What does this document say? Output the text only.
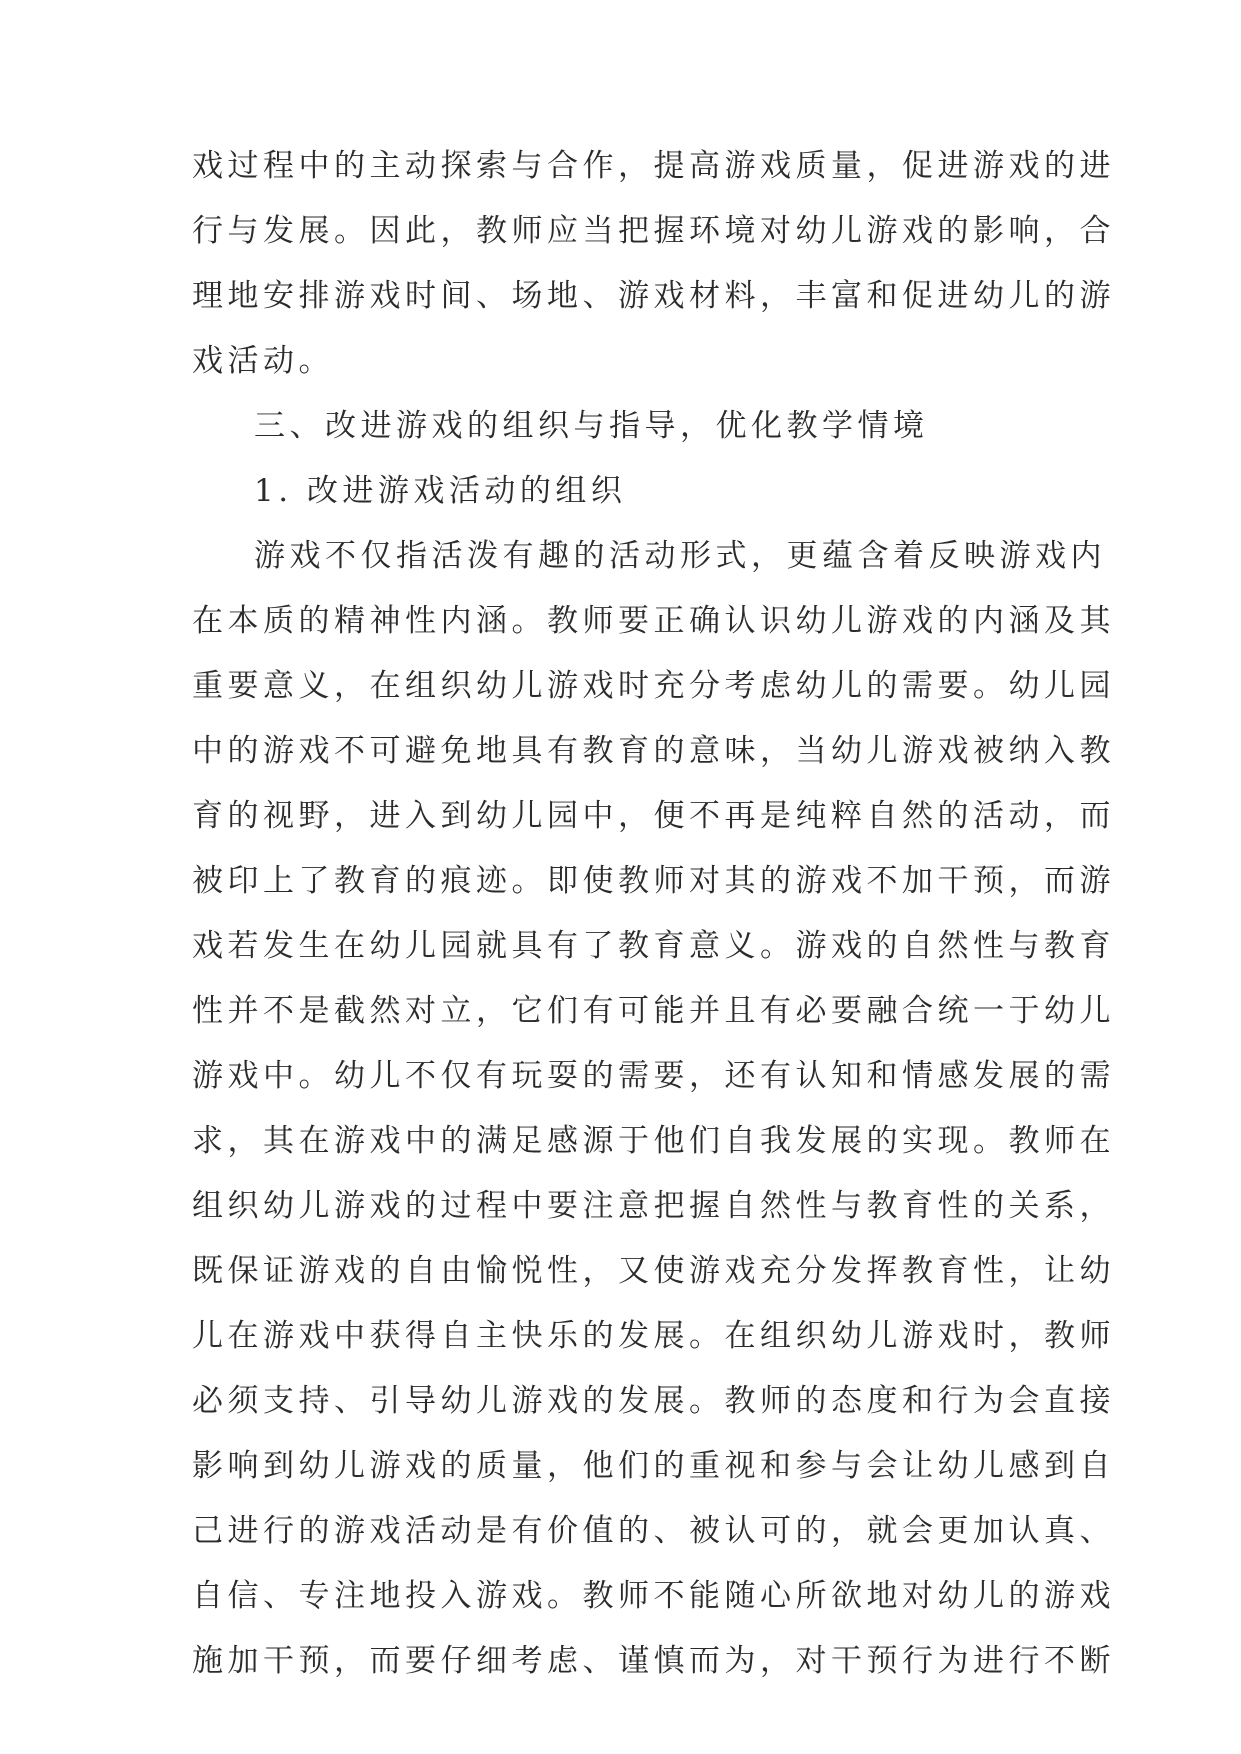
戏过程中的主动探索与合作，提高游戏质量，促进游戏的进
行与发展。因此，教师应当把握环境对幼儿游戏的影响，合
理地安排游戏时间、场地、游戏材料，丰富和促进幼儿的游
戏活动。
三、改进游戏的组织与指导，优化教学情境
1. 改进游戏活动的组织
游戏不仅指活泼有趣的活动形式，更蕴含着反映游戏内
在本质的精神性内涵。教师要正确认识幼儿游戏的内涵及其
重要意义，在组织幼儿游戏时充分考虑幼儿的需要。幼儿园
中的游戏不可避免地具有教育的意味，当幼儿游戏被纳入教
育的视野，进入到幼儿园中，便不再是纯粹自然的活动，而
被印上了教育的痕迹。即使教师对其的游戏不加干预，而游
戏若发生在幼儿园就具有了教育意义。游戏的自然性与教育
性并不是截然对立，它们有可能并且有必要融合统一于幼儿
游戏中。幼儿不仅有玩耍的需要，还有认知和情感发展的需
求，其在游戏中的满足感源于他们自我发展的实现。教师在
组织幼儿游戏的过程中要注意把握自然性与教育性的关系，
既保证游戏的自由愉悦性，又使游戏充分发挥教育性，让幼
儿在游戏中获得自主快乐的发展。在组织幼儿游戏时，教师
必须支持、引导幼儿游戏的发展。教师的态度和行为会直接
影响到幼儿游戏的质量，他们的重视和参与会让幼儿感到自
己进行的游戏活动是有价值的、被认可的，就会更加认真、
自信、专注地投入游戏。教师不能随心所欲地对幼儿的游戏
施加干预，而要仔细考虑、谨慎而为，对干预行为进行不断
